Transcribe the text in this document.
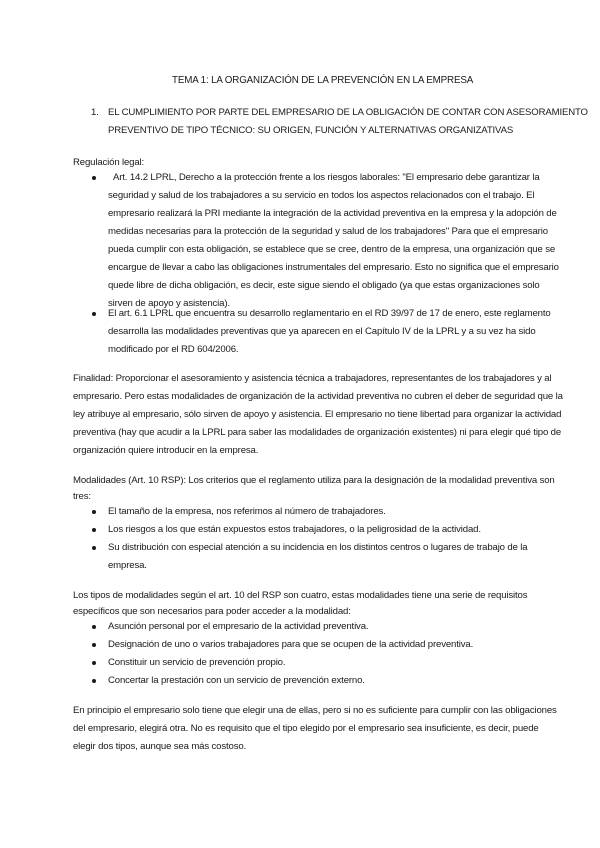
TEMA 1: LA ORGANIZACIÓN DE LA PREVENCIÓN EN LA EMPRESA
1. EL CUMPLIMIENTO POR PARTE DEL EMPRESARIO DE LA OBLIGACIÓN DE CONTAR CON ASESORAMIENTO
PREVENTIVO DE TIPO TÉCNICO: SU ORIGEN, FUNCIÓN Y ALTERNATIVAS ORGANIZATIVAS
Regulación legal:
Art. 14.2 LPRL, Derecho a la protección frente a los riesgos laborales: "El empresario debe garantizar la
seguridad y salud de los trabajadores a su servicio en todos los aspectos relacionados con el trabajo. El
empresario realizará la PRI mediante la integración de la actividad preventiva en la empresa y la adopción de
medidas necesarias para la protección de la seguridad y salud de los trabajadores" Para que el empresario
pueda cumplir con esta obligación, se establece que se cree, dentro de la empresa, una organización que se
encargue de llevar a cabo las obligaciones instrumentales del empresario. Esto no significa que el empresario
quede libre de dicha obligación, es decir, este sigue siendo el obligado (ya que estas organizaciones solo
sirven de apoyo y asistencia).
El art. 6.1 LPRL que encuentra su desarrollo reglamentario en el RD 39/97 de 17 de enero, este reglamento
desarrolla las modalidades preventivas que ya aparecen en el Capítulo IV de la LPRL y a su vez ha sido
modificado por el RD 604/2006.
Finalidad: Proporcionar el asesoramiento y asistencia técnica a trabajadores, representantes de los trabajadores y al
empresario. Pero estas modalidades de organización de la actividad preventiva no cubren el deber de seguridad que la
ley atribuye al empresario, sólo sirven de apoyo y asistencia. El empresario no tiene libertad para organizar la actividad
preventiva (hay que acudir a la LPRL para saber las modalidades de organización existentes) ni para elegir qué tipo de
organización quiere introducir en la empresa.
Modalidades (Art. 10 RSP): Los criterios que el reglamento utiliza para la designación de la modalidad preventiva son
tres:
El tamaño de la empresa, nos referimos al número de trabajadores.
Los riesgos a los que están expuestos estos trabajadores, o la peligrosidad de la actividad.
Su distribución con especial atención a su incidencia en los distintos centros o lugares de trabajo de la
empresa.
Los tipos de modalidades según el art. 10 del RSP son cuatro, estas modalidades tiene una serie de requisitos
específicos que son necesarios para poder acceder a la modalidad:
Asunción personal por el empresario de la actividad preventiva.
Designación de uno o varios trabajadores para que se ocupen de la actividad preventiva.
Constituir un servicio de prevención propio.
Concertar la prestación con un servicio de prevención externo.
En principio el empresario solo tiene que elegir una de ellas, pero si no es suficiente para cumplir con las obligaciones
del empresario, elegirá otra. No es requisito que el tipo elegido por el empresario sea insuficiente, es decir, puede
elegir dos tipos, aunque sea más costoso.
